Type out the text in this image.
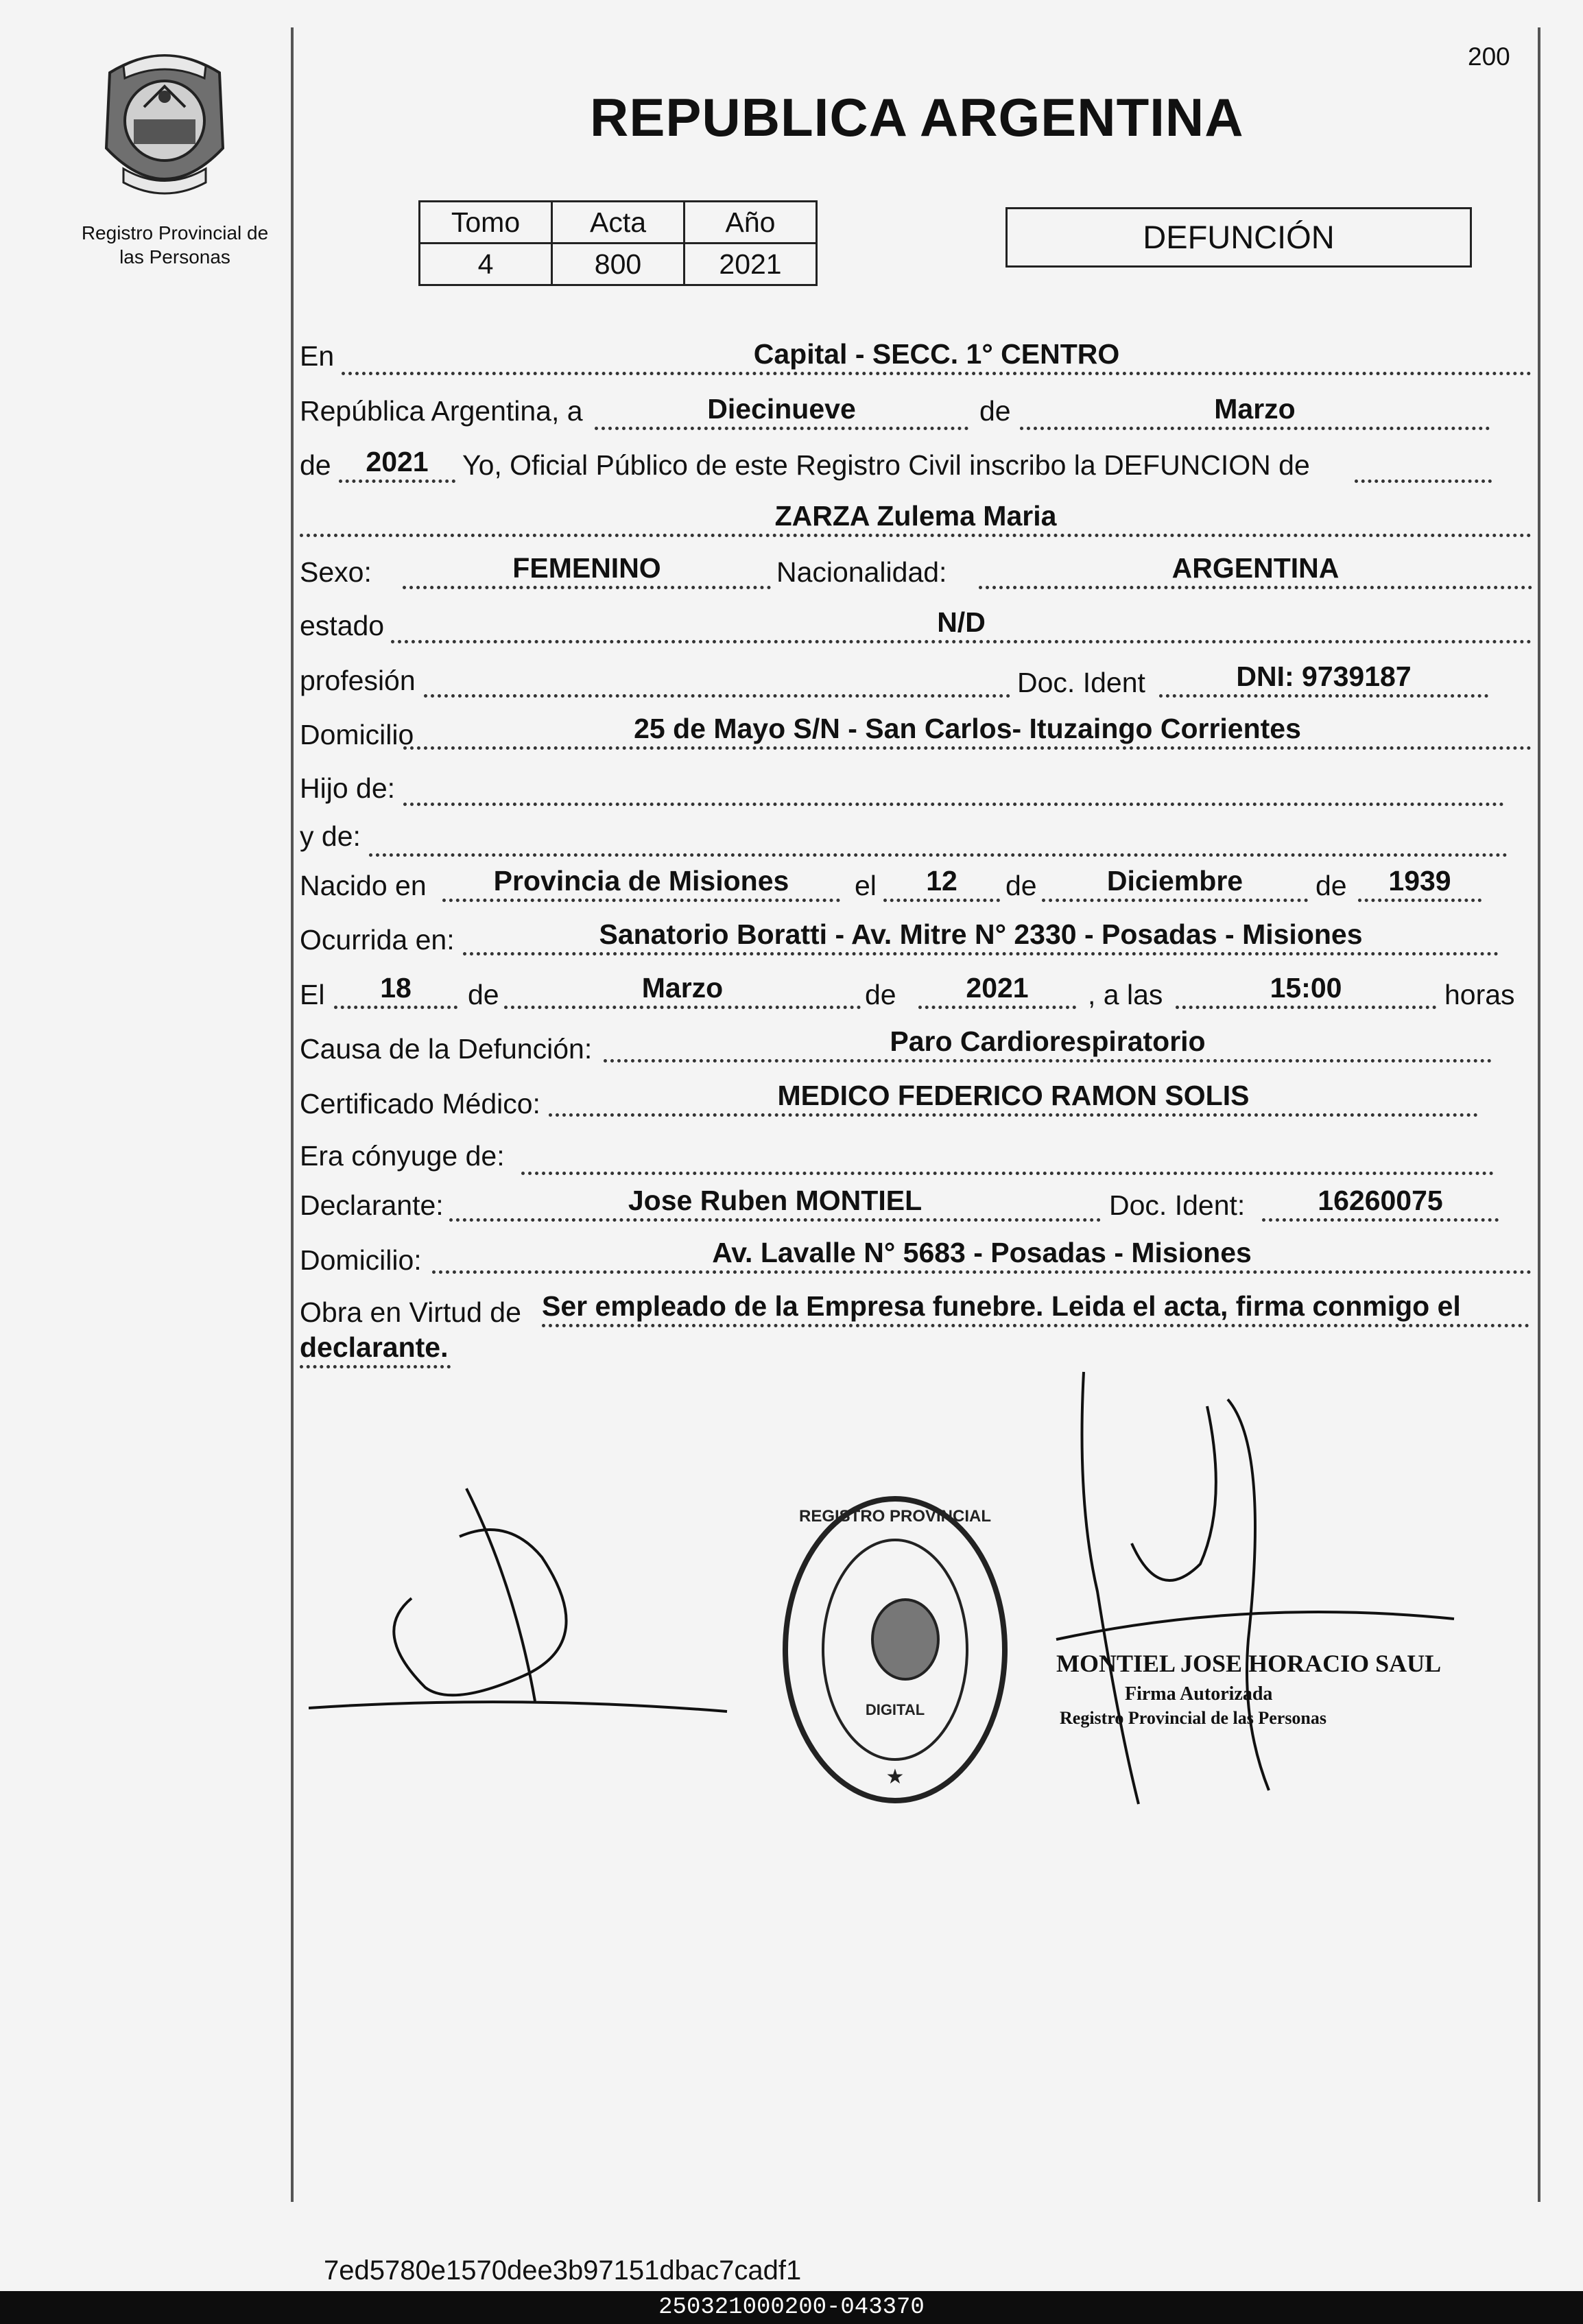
Registro Provincial de las Personas
200
REPUBLICA ARGENTINA
Tomo	Acta	Año
4	800	2021
DEFUNCIÓN
En	Capital - SECC. 1° CENTRO
República Argentina, a	Diecinueve	de	Marzo
de	2021	Yo, Oficial Público de este Registro Civil inscribo la DEFUNCION de
ZARZA Zulema Maria
Sexo:	FEMENINO	Nacionalidad:	ARGENTINA
estado	N/D
profesión	Doc. Ident	DNI: 9739187
Domicilio	25 de Mayo S/N - San Carlos- Ituzaingo Corrientes
Hijo de:
y de:
Nacido en	Provincia de Misiones	el	12	de	Diciembre	de	1939
Ocurrida en:	Sanatorio Boratti - Av. Mitre N° 2330 - Posadas - Misiones
El	18	de	Marzo	de	2021	, a las	15:00	horas
Causa de la Defunción:	Paro Cardiorespiratorio
Certificado Médico:	MEDICO FEDERICO RAMON SOLIS
Era cónyuge de:
Declarante:	Jose Ruben MONTIEL	Doc. Ident:	16260075
Domicilio:	Av. Lavalle N° 5683 - Posadas - Misiones
Obra en Virtud de Ser empleado de la Empresa funebre. Leida el acta, firma conmigo el
declarante.
REGISTRO PROVINCIAL
DIGITAL
★
MONTIEL JOSE HORACIO SAUL
Firma Autorizada
Registro Provincial de las Personas
7ed5780e1570dee3b97151dbac7cadf1
250321000200-043370
